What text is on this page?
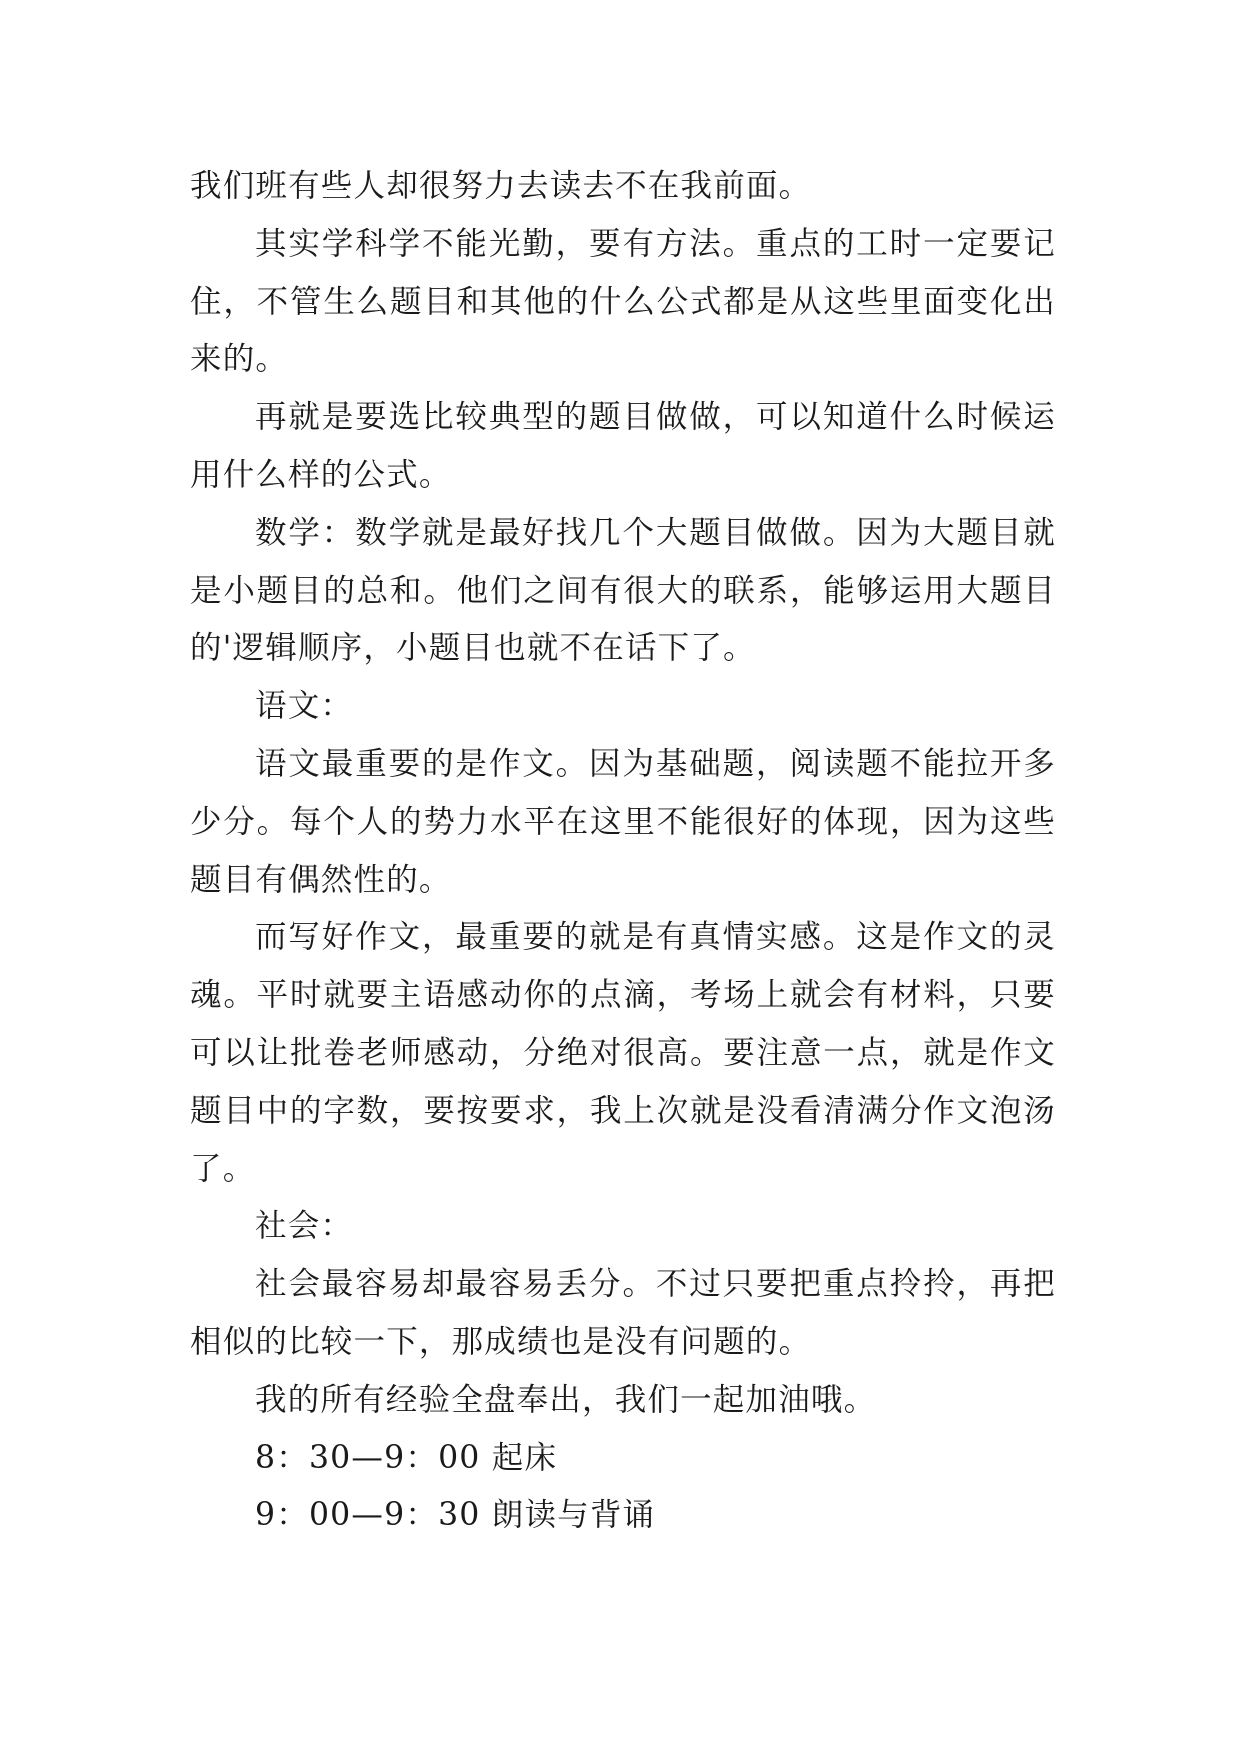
我们班有些人却很努力去读去不在我前面。

其实学科学不能光勤，要有方法。重点的工时一定要记住，不管生么题目和其他的什么公式都是从这些里面变化出来的。

再就是要选比较典型的题目做做，可以知道什么时候运用什么样的公式。

数学：数学就是最好找几个大题目做做。因为大题目就是小题目的总和。他们之间有很大的联系，能够运用大题目的'逻辑顺序，小题目也就不在话下了。

语文：

语文最重要的是作文。因为基础题，阅读题不能拉开多少分。每个人的势力水平在这里不能很好的体现，因为这些题目有偶然性的。

而写好作文，最重要的就是有真情实感。这是作文的灵魂。平时就要主语感动你的点滴，考场上就会有材料，只要可以让批卷老师感动，分绝对很高。要注意一点，就是作文题目中的字数，要按要求，我上次就是没看清满分作文泡汤了。

社会：

社会最容易却最容易丢分。不过只要把重点拎拎，再把相似的比较一下，那成绩也是没有问题的。

我的所有经验全盘奉出，我们一起加油哦。

8：30—9：00 起床

9：00—9：30 朗读与背诵
